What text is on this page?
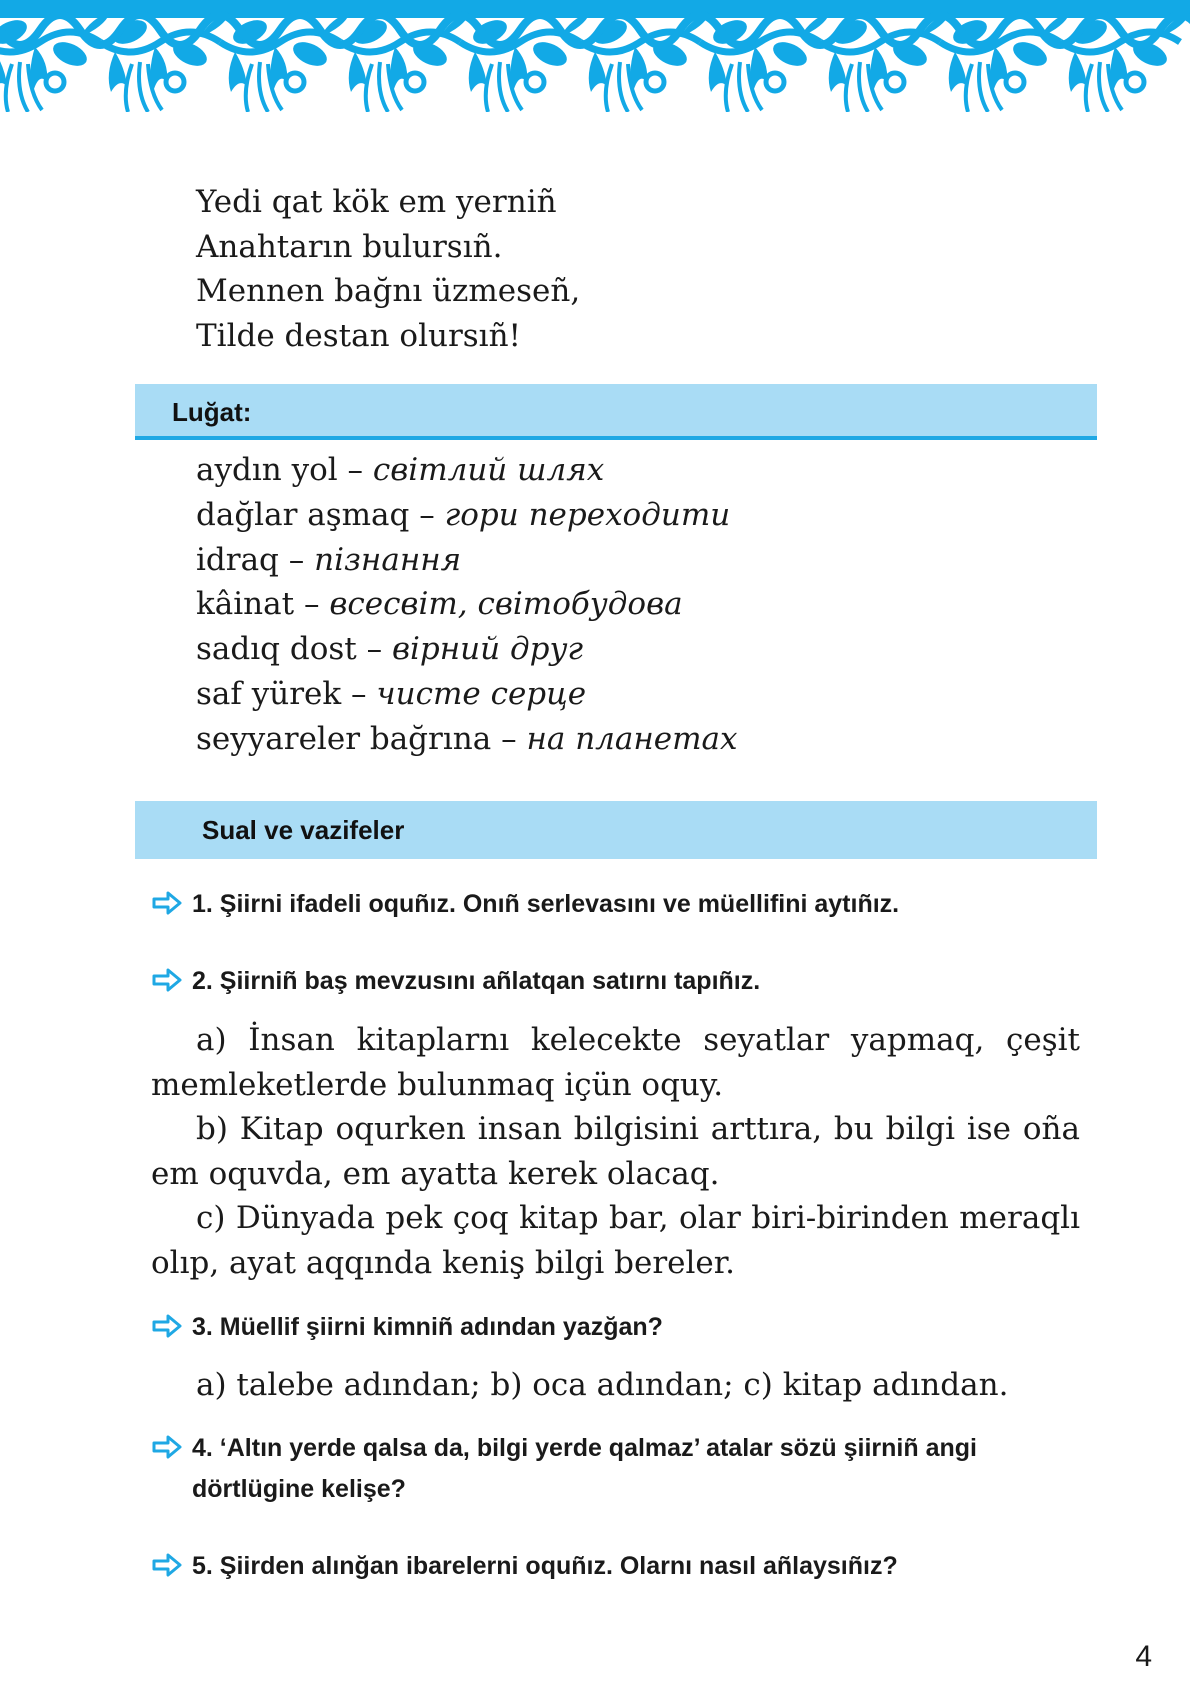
Yedi qat kök em yerniñ
Anahtarın bulursıñ.
Mennen bağnı üzmeseñ,
Tilde destan olursıñ!
Luğat:
aydın yol – світлий шлях
dağlar aşmaq – гори переходити
idraq – пізнання
kâinat – всесвіт, світобудова
sadıq dost – вірний друг
saf yürek – чисте серце
seyyareler bağrına – на планетах
Sual ve vazifeler
1. Şiirni ifadeli oquñız. Onıñ serlevasını ve müellifini aytıñız.
2. Şiirniñ baş mevzusını añlatqan satırnı tapıñız.

a) İnsan kitaplarnı kelecekte seyatlar yapmaq, çeşit memleketlerde bulunmaq içün oquy.

b) Kitap oqurken insan bilgisini arttıra, bu bilgi ise oña em oquvda, em ayatta kerek olacaq.

c) Dünyada pek çoq kitap bar, olar biri-birinden meraqlı olıp, ayat aqqında keniş bilgi bereler.

3. Müellif şiirni kimniñ adından yazğan?
a) talebe adından; b) oca adından; c) kitap adından.
4. ‘Altın yerde qalsa da, bilgi yerde qalmaz’ atalar sözü şiirniñ angi dörtlügine kelişe?
5. Şiirden alınğan ibarelerni oquñız. Olarnı nasıl añlaysıñız?
4
